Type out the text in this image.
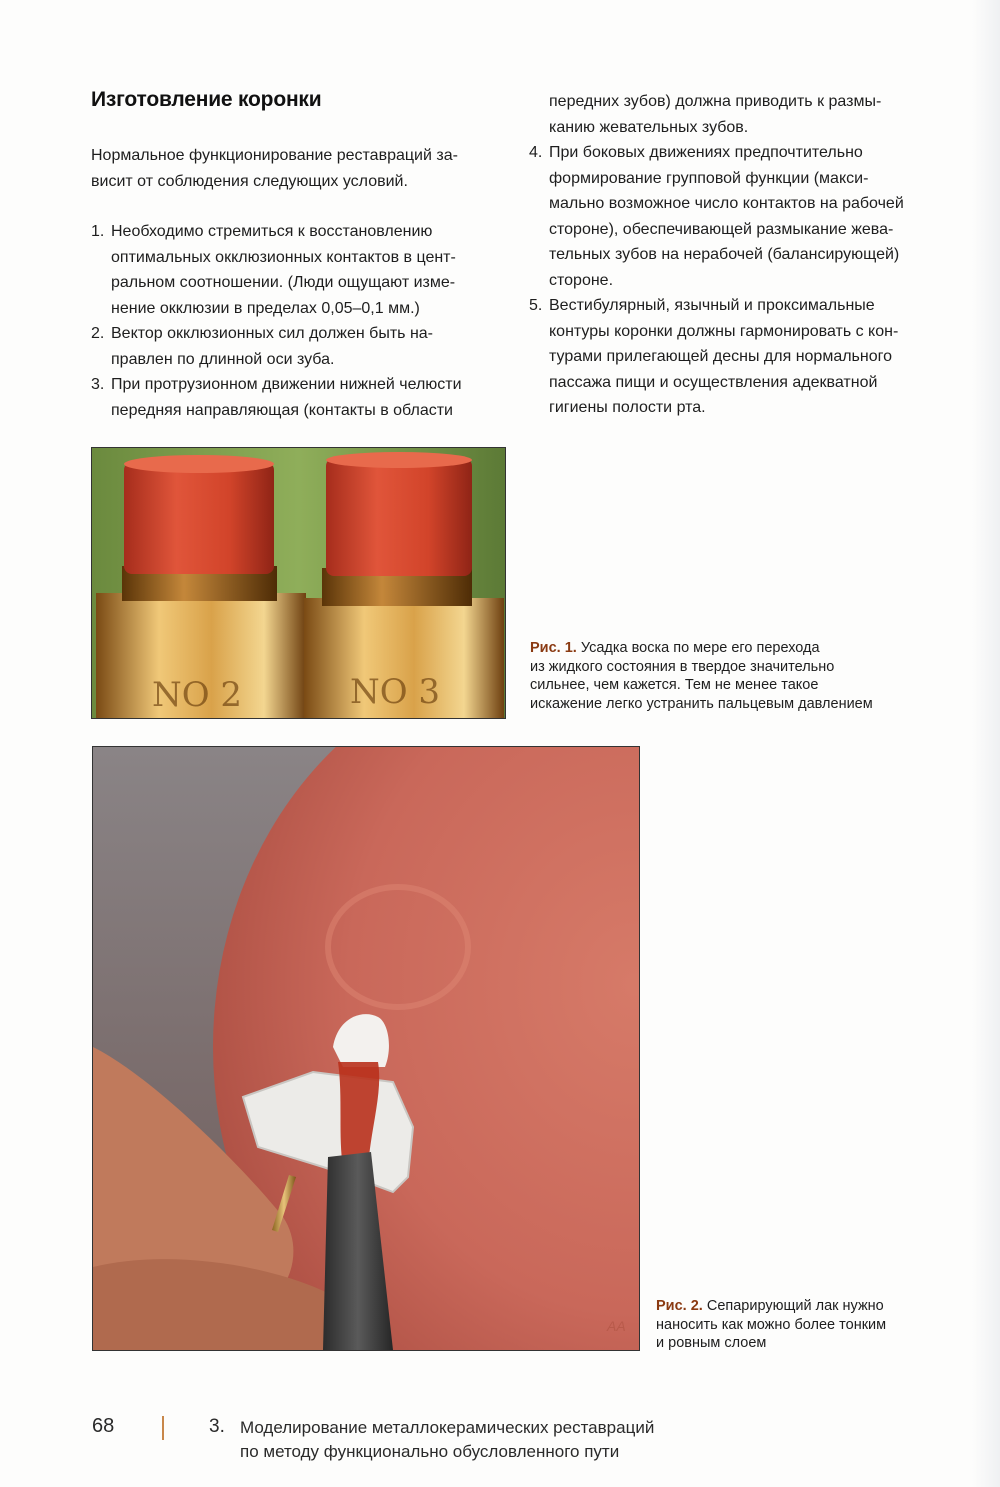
Изготовление коронки
Нормальное функционирование реставраций за-
висит от соблюдения следующих условий.
1. Необходимо стремиться к восстановлению
оптимальных окклюзионных контактов в цент-
ральном соотношении. (Люди ощущают изме-
нение окклюзии в пределах 0,05–0,1 мм.)
2. Вектор окклюзионных сил должен быть на-
правлен по длинной оси зуба.
3. При протрузионном движении нижней челюсти
передняя направляющая (контакты в области
передних зубов) должна приводить к размы-
канию жевательных зубов.
4. При боковых движениях предпочтительно
формирование групповой функции (макси-
мально возможное число контактов на рабочей
стороне), обеспечивающей размыкание жева-
тельных зубов на нерабочей (балансирующей)
стороне.
5. Вестибулярный, язычный и проксимальные
контуры коронки должны гармонировать с кон-
турами прилегающей десны для нормального
пассажа пищи и осуществления адекватной
гигиены полости рта.
NO 2	NO 3
Рис. 1. Усадка воска по мере его перехода
из жидкого состояния в твердое значительно
сильнее, чем кажется. Тем не менее такое
искажение легко устранить пальцевым давлением
AA
Рис. 2. Сепарирующий лак нужно
наносить как можно более тонким
и ровным слоем
68	3. Моделирование металлокерамических реставраций
по методу функционально обусловленного пути
